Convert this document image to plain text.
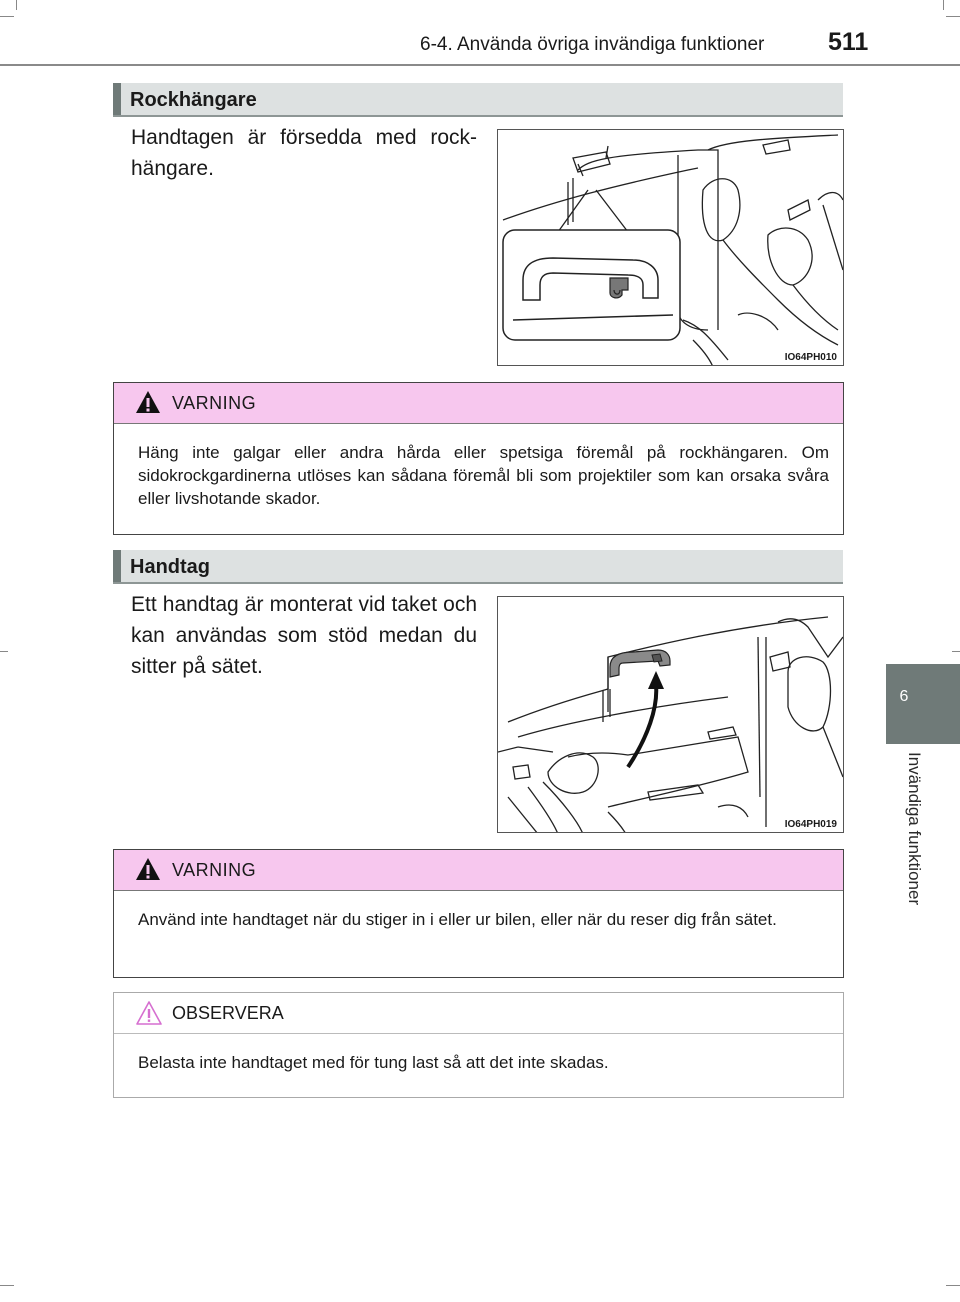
6-4. Använda övriga invändiga funktioner	511
6
Invändiga funktioner
Rockhängare
Handtagen är försedda med rockhängare.
IO64PH010
VARNING
Häng inte galgar eller andra hårda eller spetsiga föremål på rockhängaren. Om sidokrockgardinerna utlöses kan sådana föremål bli som projektiler som kan orsaka svåra eller livshotande skador.
Handtag
Ett handtag är monterat vid taket och kan användas som stöd medan du sitter på sätet.
IO64PH019
VARNING
Använd inte handtaget när du stiger in i eller ur bilen, eller när du reser dig från sätet.
OBSERVERA
Belasta inte handtaget med för tung last så att det inte skadas.
